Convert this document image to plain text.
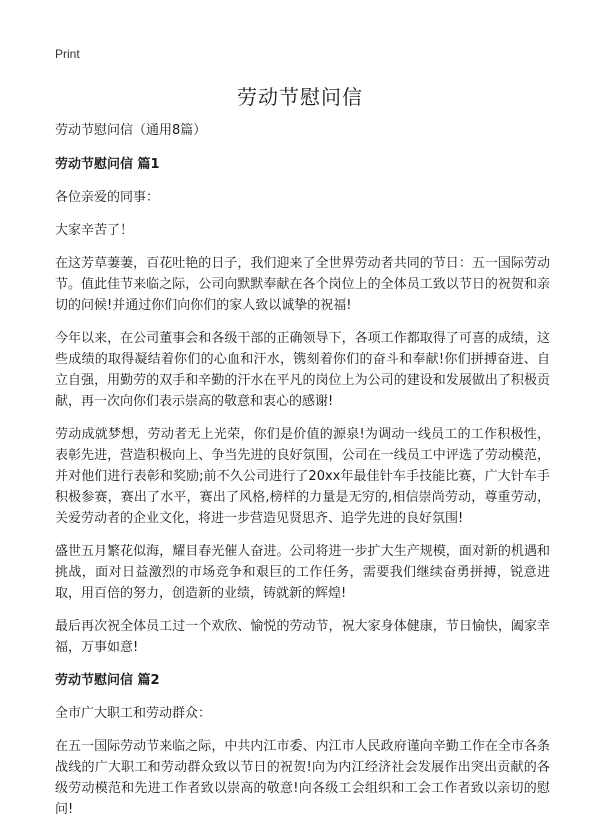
Print
劳动节慰问信

劳动节慰问信（通用8篇）

劳动节慰问信 篇1

各位亲爱的同事：

大家辛苦了！

在这芳草萋萋，百花吐艳的日子，我们迎来了全世界劳动者共同的节日：五一国际劳动节。值此佳节来临之际，公司向默默奉献在各个岗位上的全体员工致以节日的祝贺和亲切的问候!并通过你们向你们的家人致以诚挚的祝福!

今年以来，在公司董事会和各级干部的正确领导下，各项工作都取得了可喜的成绩，这些成绩的取得凝结着你们的心血和汗水，镌刻着你们的奋斗和奉献!你们拼搏奋进、自立自强，用勤劳的双手和辛勤的汗水在平凡的岗位上为公司的建设和发展做出了积极贡献，再一次向你们表示崇高的敬意和衷心的感谢!

劳动成就梦想，劳动者无上光荣，你们是价值的源泉!为调动一线员工的工作积极性，表彰先进，营造积极向上、争当先进的良好氛围，公司在一线员工中评选了劳动模范，并对他们进行表彰和奖励;前不久公司进行了20xx年最佳针车手技能比赛，广大针车手积极参赛，赛出了水平，赛出了风格,榜样的力量是无穷的,相信崇尚劳动，尊重劳动，关爱劳动者的企业文化，将进一步营造见贤思齐、追学先进的良好氛围!

盛世五月繁花似海，耀目春光催人奋进。公司将进一步扩大生产规模，面对新的机遇和挑战，面对日益激烈的市场竞争和艰巨的工作任务，需要我们继续奋勇拼搏，锐意进取，用百倍的努力，创造新的业绩，铸就新的辉煌!

最后再次祝全体员工过一个欢欣、愉悦的劳动节，祝大家身体健康，节日愉快，阖家幸福，万事如意!

劳动节慰问信 篇2

全市广大职工和劳动群众：

在五一国际劳动节来临之际，中共内江市委、内江市人民政府谨向辛勤工作在全市各条战线的广大职工和劳动群众致以节日的祝贺!向为内江经济社会发展作出突出贡献的各级劳动模范和先进工作者致以崇高的敬意!向各级工会组织和工会工作者致以亲切的慰问!
